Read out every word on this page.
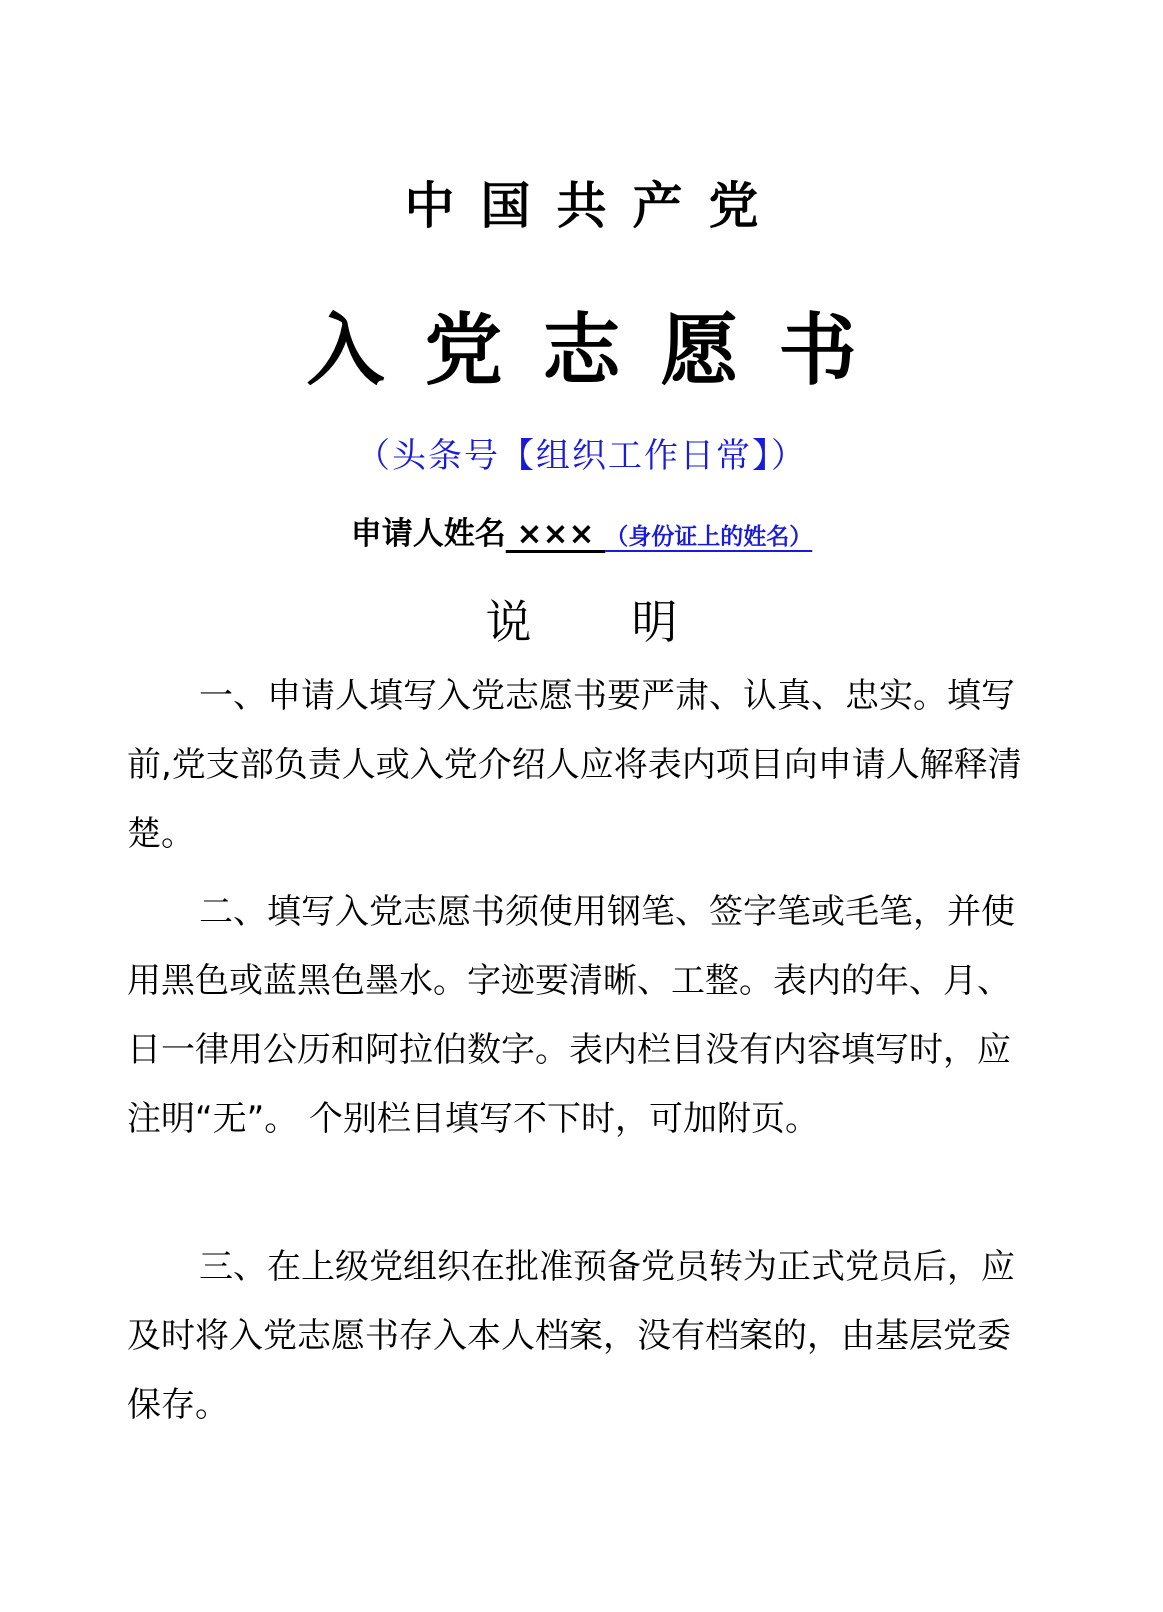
中国共产党
入党志愿书
（头条号【组织工作日常】）
申请人姓名 ××× （身份证上的姓名）
说 明

一、申请人填写入党志愿书要严肃、认真、忠实。填写前,党支部负责人或入党介绍人应将表内项目向申请人解释清楚。

二、填写入党志愿书须使用钢笔、签字笔或毛笔，并使用黑色或蓝黑色墨水。字迹要清晰、工整。表内的年、月、日一律用公历和阿拉伯数字。表内栏目没有内容填写时，应注明“无”。 个别栏目填写不下时，可加附页。

三、在上级党组织在批准预备党员转为正式党员后，应及时将入党志愿书存入本人档案，没有档案的，由基层党委保存。
